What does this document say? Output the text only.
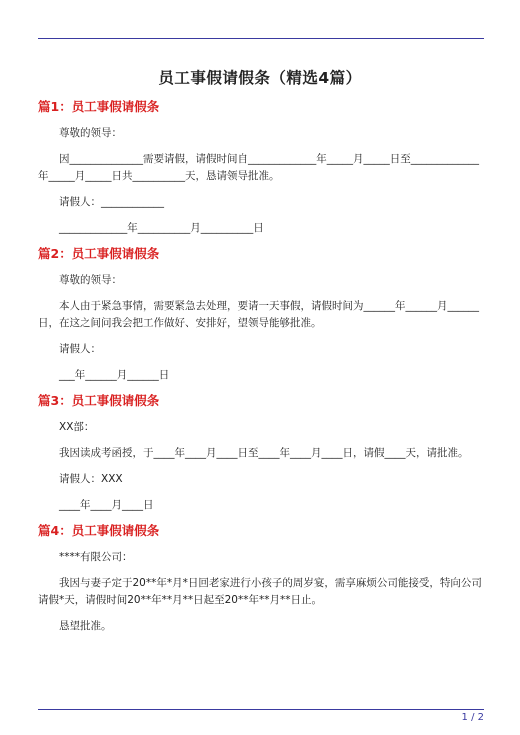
员工事假请假条（精选4篇）

篇1：员工事假请假条

尊敬的领导：

因______________需要请假，请假时间自_____________年_____月_____日至_____________年_____月_____日共__________天，恳请领导批准。

请假人：____________

_____________年__________月__________日

篇2：员工事假请假条

尊敬的领导：

本人由于紧急事情，需要紧急去处理，要请一天事假，请假时间为______年______月______日，在这之间问我会把工作做好、安排好，望领导能够批准。

请假人：

___年______月______日

篇3：员工事假请假条

XX部：

我因读成考函授，于____年____月____日至____年____月____日，请假____天，请批准。

请假人：XXX

____年____月____日

篇4：员工事假请假条

****有限公司：

我因与妻子定于20**年*月*日回老家进行小孩子的周岁宴，需享麻烦公司能接受，特向公司请假*天，请假时间20**年**月**日起至20**年**月**日止。

恳望批准。

1 / 2
